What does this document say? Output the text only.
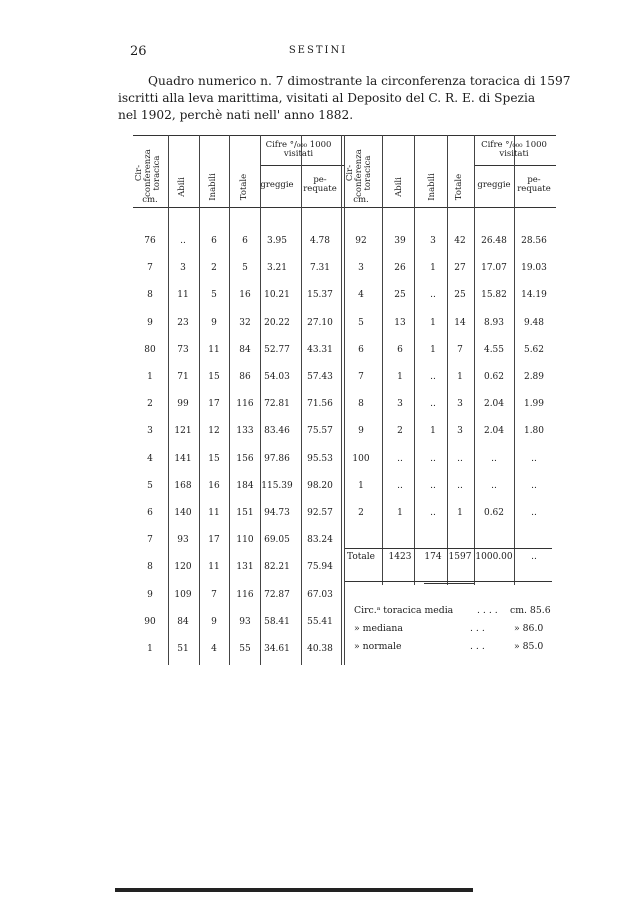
26	SESTINI
Quadro numerico n. 7 dimostrante la circonferenza toracica di 1597
iscritti alla leva marittima, visitati al Deposito del C. R. E. di Spezia
nel 1902, perchè nati nell' anno 1882.
Cir-
conferenza
toracica
cm.
Abili Inabili Totale
Cifre °/₀₀₀ 1000
visitati
greggie	pe-
requate
Cir-
conferenza
toracica
cm.
Abili	Inabili Totale
Cifre °/₀₀₀ 1000
visitati
greggie	pe-
requate
76	..	6	6	3.95	4.78
7	3	2	5	3.21	7.31
8	11	5	16	10.21	15.37
9	23	9	32	20.22	27.10
80	73	11	84	52.77	43.31
1	71	15	86	54.03	57.43
2	99	17	116	72.81	71.56
3	121	12	133	83.46	75.57
4	141	15	156	97.86	95.53
5	168	16	184 115.39	98.20
6	140	11	151	94.73	92.57
7	93	17	110	69.05	83.24
8	120	11	131	82.21	75.94
9	109	7	116	72.87	67.03
90	84	9	93	58.41	55.41
1	51	4	55	34.61	40.38
92	39	3	42	26.48	28.56
3	26	1	27	17.07	19.03
4	25	..	25	15.82	14.19
5	13	1	14	8.93	9.48
6	6	1	7	4.55	5.62
7	1	..	1	0.62	2.89
8	3	..	3	2.04	1.99
9	2	1	3	2.04	1.80
100	..	..	..	..	..
1	..	..	..	..	..
2	1	..	1	0.62	..
Totale	1423	174 1597 1000.00	..
Circ.ᵃ toracica media	. . . . cm. 85.6
» mediana	. . .	» 86.0
» normale	. . .	» 85.0
